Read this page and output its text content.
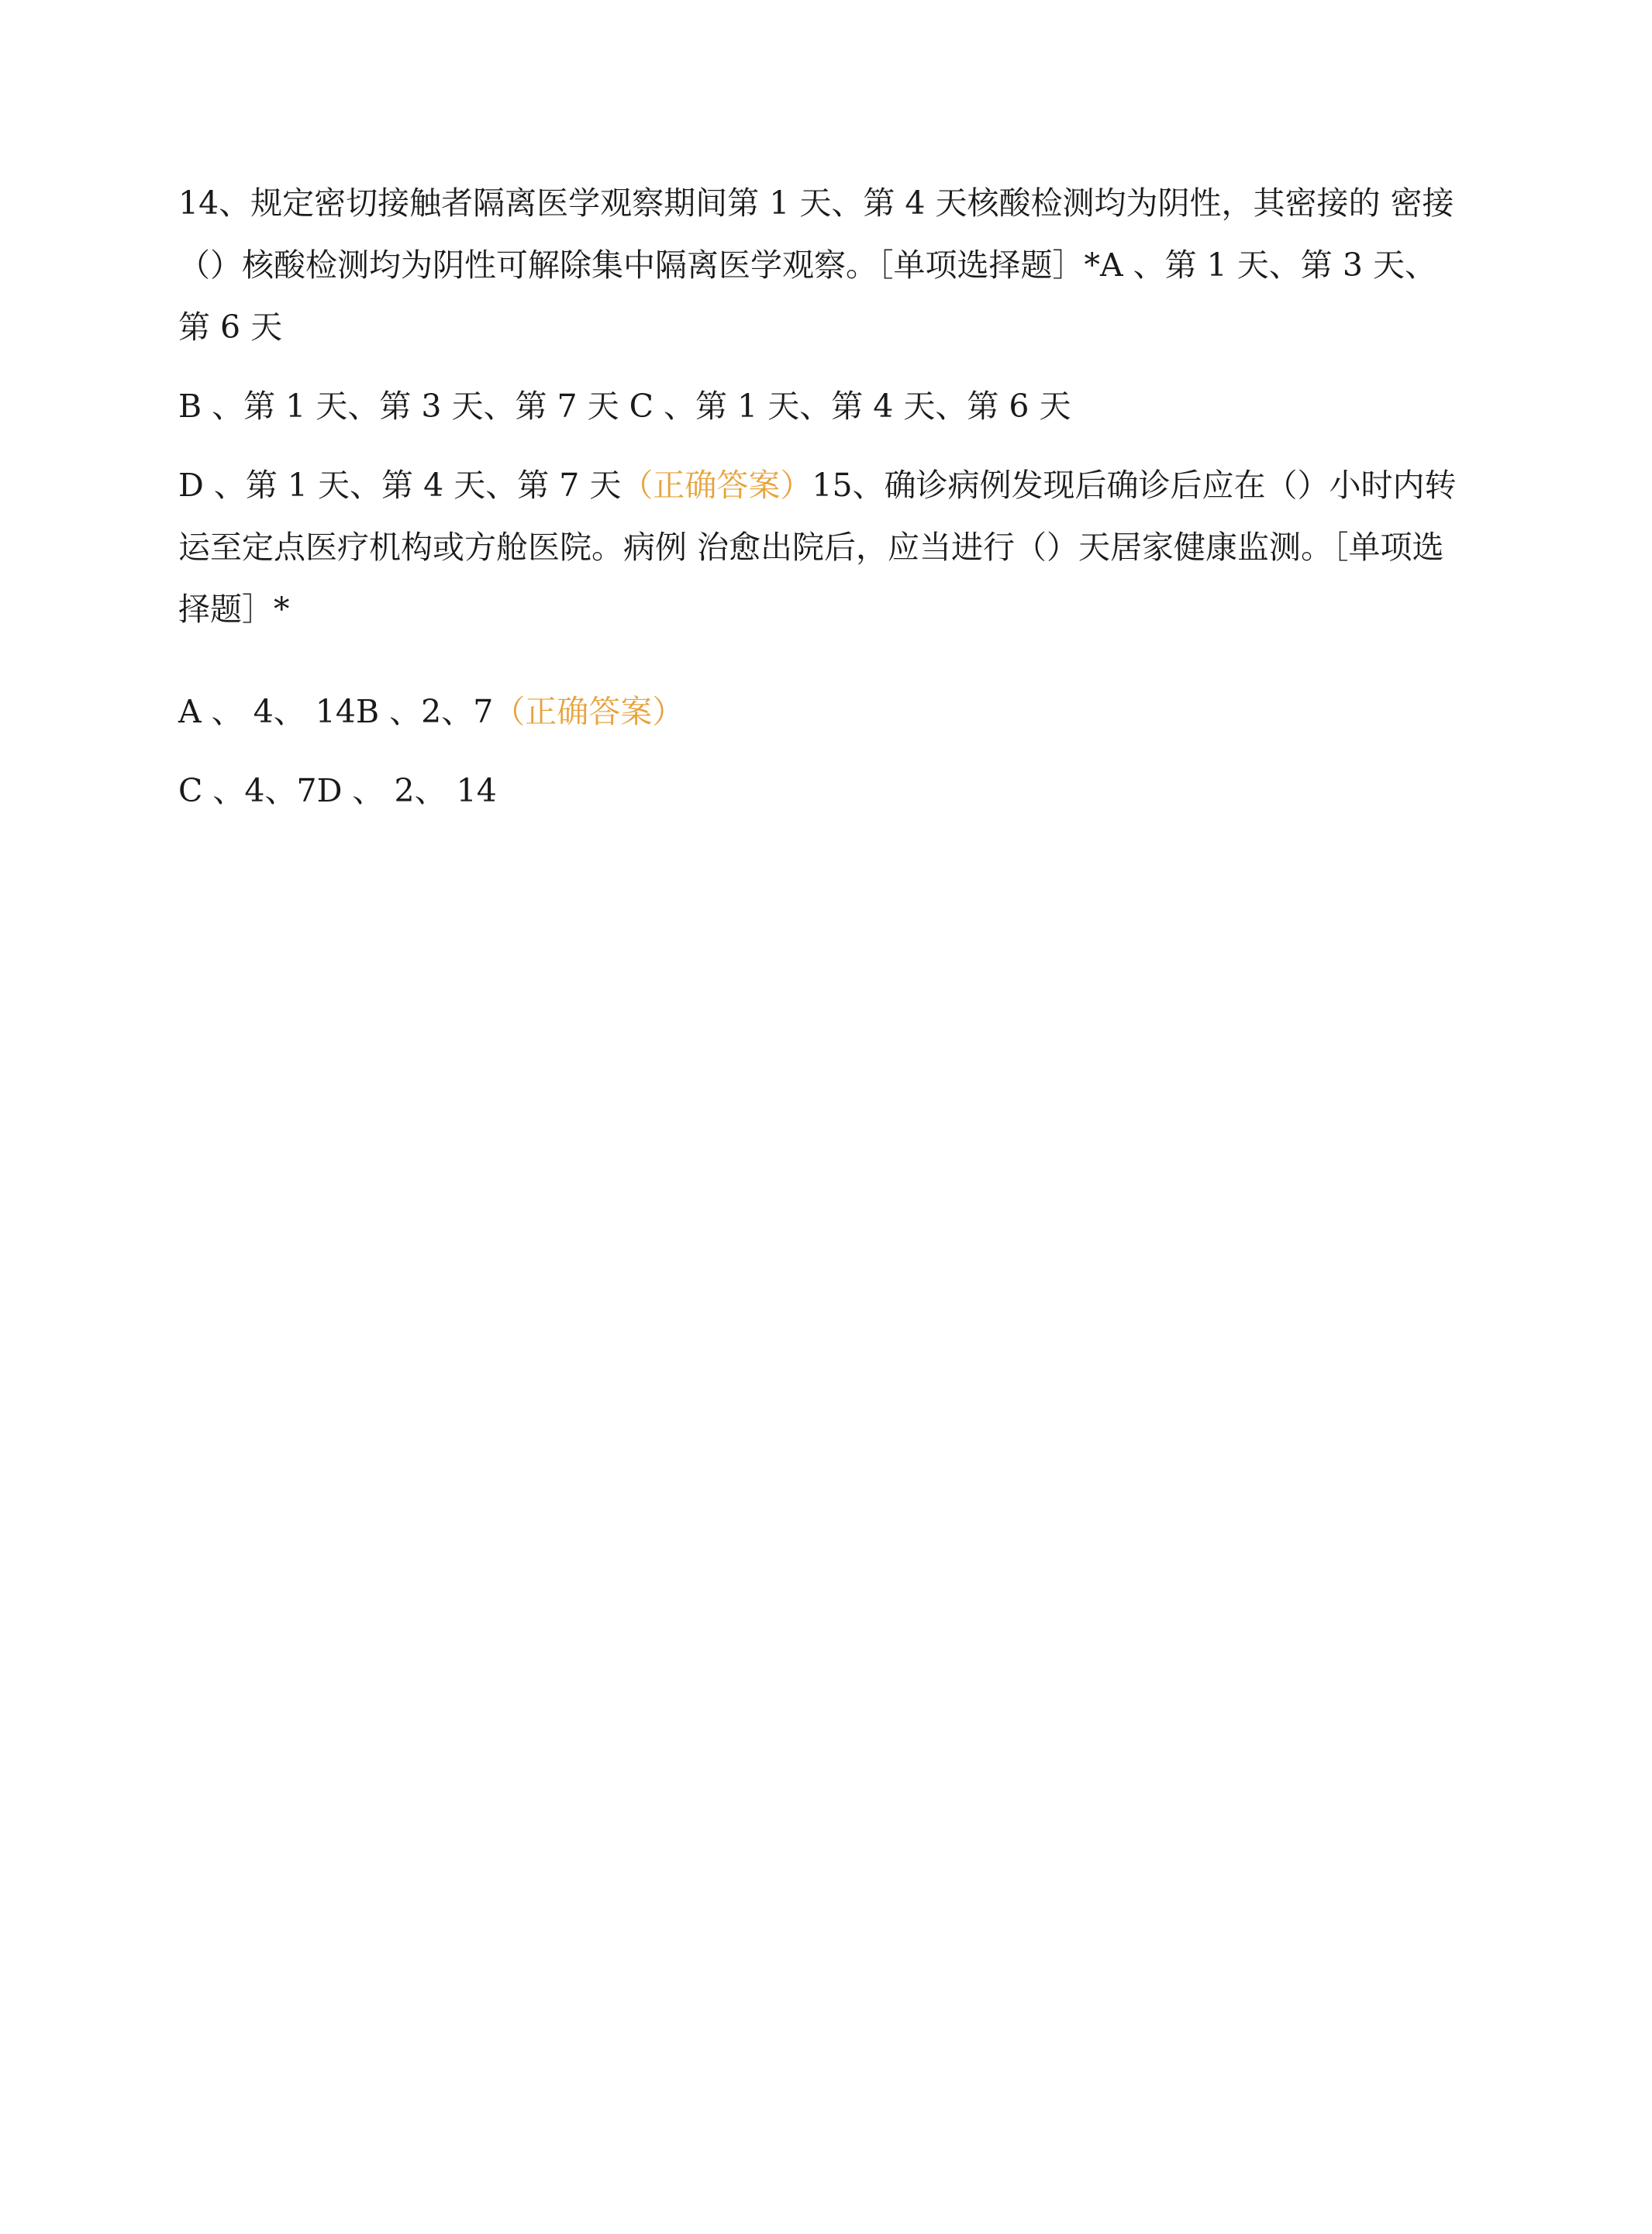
14、规定密切接触者隔离医学观察期间第 1 天、第 4 天核酸检测均为阴性，其密接的 密接（）核酸检测均为阴性可解除集中隔离医学观察。［单项选择题］*A 、第 1 天、第 3 天、第 6 天

B 、第 1 天、第 3 天、第 7 天 C 、第 1 天、第 4 天、第 6 天

D 、第 1 天、第 4 天、第 7 天（正确答案）15、确诊病例发现后确诊后应在（）小时内转运至定点医疗机构或方舱医院。病例 治愈出院后，应当进行（）天居家健康监测。［单项选择题］*

A 、 4、 14B 、2、7（正确答案）

C 、4、7D 、 2、 14
